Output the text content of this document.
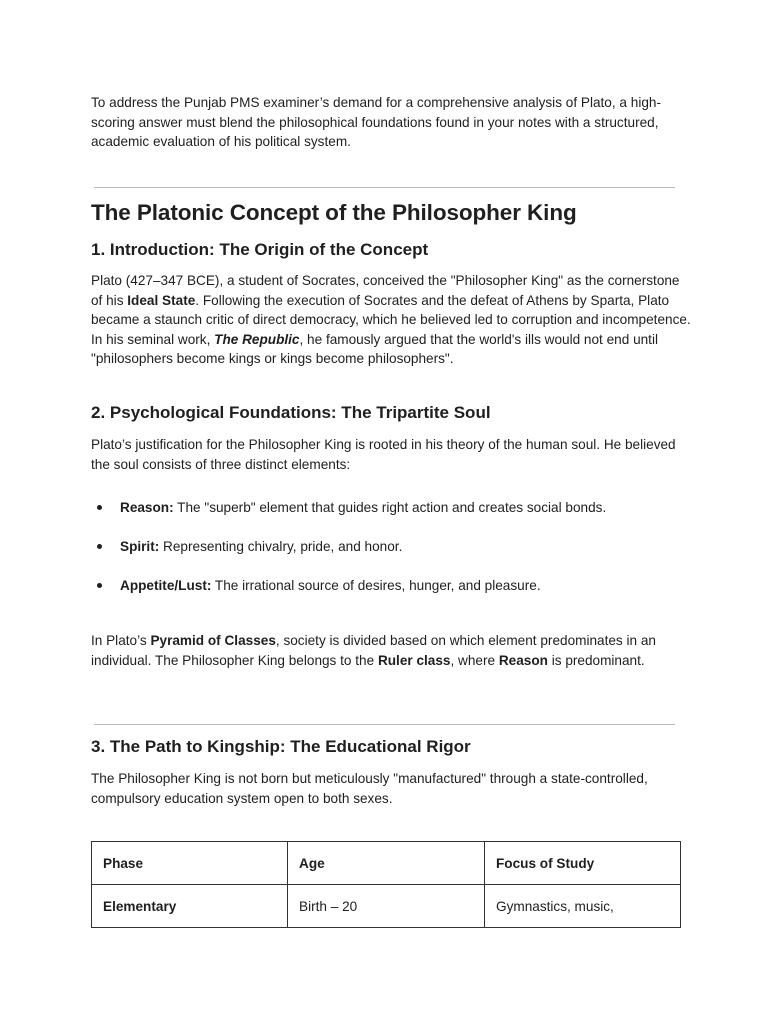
To address the Punjab PMS examiner’s demand for a comprehensive analysis of Plato, a high-scoring answer must blend the philosophical foundations found in your notes with a structured, academic evaluation of his political system.

The Platonic Concept of the Philosopher King
1. Introduction: The Origin of the Concept

Plato (427–347 BCE), a student of Socrates, conceived the "Philosopher King" as the cornerstone of his Ideal State. Following the execution of Socrates and the defeat of Athens by Sparta, Plato became a staunch critic of direct democracy, which he believed led to corruption and incompetence. In his seminal work, The Republic, he famously argued that the world's ills would not end until "philosophers become kings or kings become philosophers".

2. Psychological Foundations: The Tripartite Soul

Plato’s justification for the Philosopher King is rooted in his theory of the human soul. He believed the soul consists of three distinct elements:

Reason: The "superb" element that guides right action and creates social bonds.
Spirit: Representing chivalry, pride, and honor.
Appetite/Lust: The irrational source of desires, hunger, and pleasure.

In Plato’s Pyramid of Classes, society is divided based on which element predominates in an individual. The Philosopher King belongs to the Ruler class, where Reason is predominant.

3. The Path to Kingship: The Educational Rigor

The Philosopher King is not born but meticulously "manufactured" through a state-controlled, compulsory education system open to both sexes.

Phase	Age	Focus of Study
Elementary	Birth – 20	Gymnastics, music,
